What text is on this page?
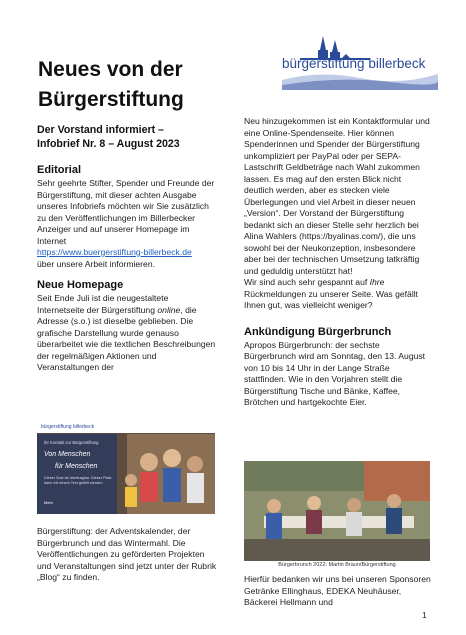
bürgerstiftung billerbeck
Neues von der
Bürgerstiftung
Der Vorstand informiert –
Infobrief Nr. 8 – August 2023
Editorial

Sehr geehrte Stifter, Spender und Freunde der Bürgerstiftung, mit dieser achten Ausgabe unseres Infobriefs möchten wir Sie zusätzlich zu den Veröffentlichungen im Billerbecker Anzeiger und auf unserer Homepage im Internet

https://www.buergerstiftung-billerbeck.de

über unsere Arbeit informieren.

Neue Homepage

Seit Ende Juli ist die neugestaltete Internetseite der Bürgerstiftung online, die Adresse (s.o.) ist dieselbe geblieben. Die grafische Darstellung wurde genauso überarbeitet wie die textlichen Beschreibungen der regelmäßigen Aktionen und Veranstaltungen der

bürgerstiftung billerbeck
Ihr Kontakt zur Bürgerstiftung
Von Menschen
für Menschen
Dieser Satz ist übertragbar. Dieser Platz kann mit einem Text gefüllt werden.
Mehr

Bürgerstiftung: der Adventskalender, der Bürgerbrunch und das Wintermahl. Die Veröffentlichungen zu geförderten Projekten und Veranstaltungen sind jetzt unter der Rubrik „Blog“ zu finden.

Neu hinzugekommen ist ein Kontaktformular und eine Online-Spendenseite. Hier können Spenderinnen und Spender der Bürgerstiftung unkompliziert per PayPal oder per SEPA-Lastschrift Geldbeträge nach Wahl zukommen lassen. Es mag auf den ersten Blick nicht deutlich werden, aber es stecken viele Überlegungen und viel Arbeit in dieser neuen „Version“. Der Vorstand der Bürgerstiftung bedankt sich an dieser Stelle sehr herzlich bei Alina Wahlers (https://byalinas.com/), die uns sowohl bei der Neukonzeption, insbesondere aber bei der technischen Umsetzung tatkräftig und geduldig unterstützt hat!

Wir sind auch sehr gespannt auf Ihre Rückmeldungen zu unserer Seite. Was gefällt Ihnen gut, was vielleicht weniger?

Ankündigung Bürgerbrunch

Apropos Bürgerbrunch: der sechste Bürgerbrunch wird am Sonntag, den 13. August von 10 bis 14 Uhr in der Lange Straße stattfinden. Wie in den Vorjahren stellt die Bürgerstiftung Tische und Bänke, Kaffee, Brötchen und hartgekochte Eier.

Bürgerbrunch 2022: Martin Braun/Bürgerstiftung

Hierfür bedanken wir uns bei unseren Sponsoren Getränke Ellinghaus, EDEKA Neuhäuser, Bäckerei Hellmann und

1
